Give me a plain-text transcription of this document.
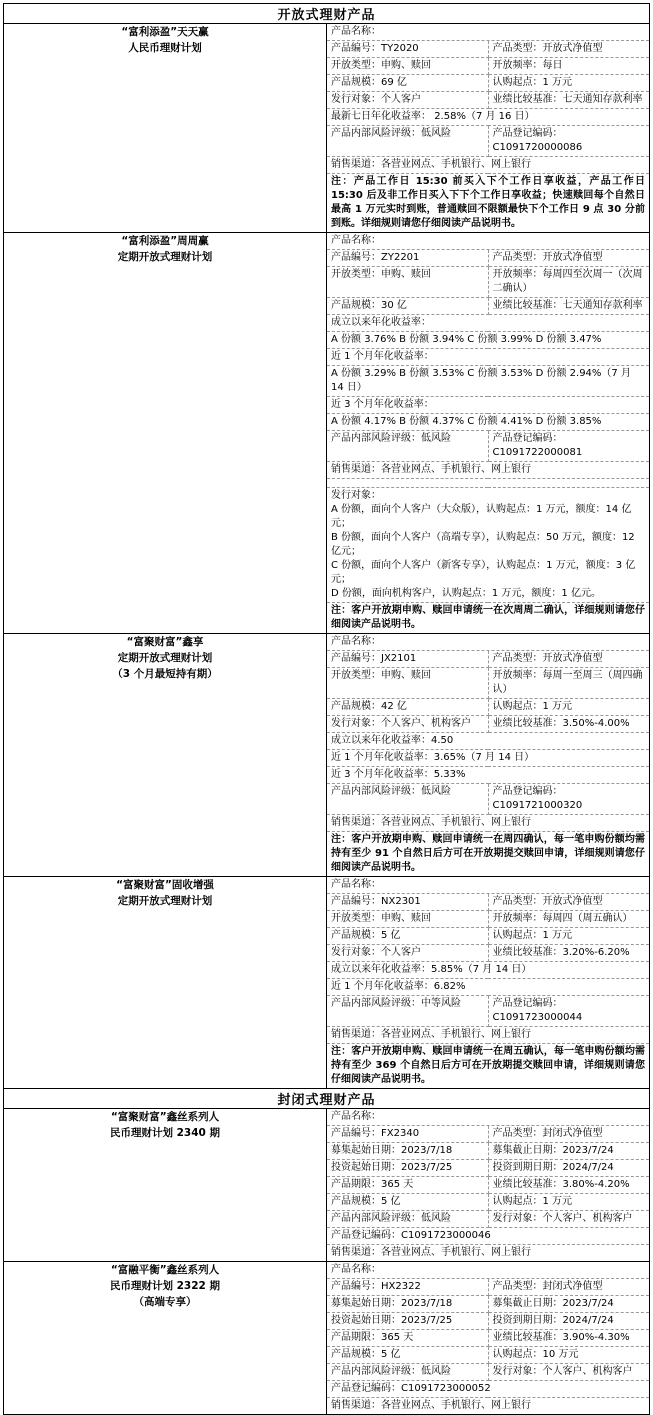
开放式理财产品

“富利添盈”天天赢
人民币理财计划

产品名称：
产品编号：TY2020	产品类型：开放式净值型
开放类型：申购、赎回	开放频率：每日
产品规模：69 亿	认购起点：1 万元
发行对象：个人客户	业绩比较基准：七天通知存款利率
最新七日年化收益率： 2.58%（7 月 16 日）
产品内部风险评级：低风险	产品登记编码：C1091720000086
销售渠道：各营业网点、手机银行、网上银行
注：产品工作日 15:30 前买入下个工作日享收益，产品工作日 15:30 后及非工作日买入下下个工作日享收益；快速赎回每个自然日最高 1 万元实时到账，普通赎回不限额最快下个工作日 9 点 30 分前到账。详细规则请您仔细阅读产品说明书。

“富利添盈”周周赢
定期开放式理财计划

产品名称：
产品编号：ZY2201	产品类型：开放式净值型
开放类型：申购、赎回	开放频率：每周四至次周一（次周二确认）
产品规模：30 亿	业绩比较基准：七天通知存款利率
成立以来年化收益率：
A 份额 3.76% B 份额 3.94% C 份额 3.99% D 份额 3.47%
近 1 个月年化收益率：
A 份额 3.29% B 份额 3.53% C 份额 3.53% D 份额 2.94%（7 月 14 日）
近 3 个月年化收益率：
A 份额 4.17% B 份额 4.37% C 份额 4.41% D 份额 3.85%
产品内部风险评级：低风险	产品登记编码：C1091722000081
销售渠道：各营业网点、手机银行、网上银行

发行对象：
A 份额，面向个人客户（大众版），认购起点：1 万元，额度：14 亿元；
B 份额，面向个人客户（高端专享），认购起点：50 万元，额度：12 亿元；
C 份额，面向个人客户（新客专享），认购起点：1 万元，额度：3 亿元；
D 份额，面向机构客户，认购起点：1 万元，额度：1 亿元。

注：客户开放期申购、赎回申请统一在次周周二确认，详细规则请您仔细阅读产品说明书。

“富聚财富”鑫享
定期开放式理财计划
（3 个月最短持有期）

产品名称：
产品编号：JX2101	产品类型：开放式净值型
开放类型：申购、赎回	开放频率：每周一至周三（周四确认）
产品规模：42 亿	认购起点：1 万元
发行对象：个人客户、机构客户	业绩比较基准：3.50%-4.00%
成立以来年化收益率：4.50
近 1 个月年化收益率：3.65%（7 月 14 日）
近 3 个月年化收益率：5.33%
产品内部风险评级：低风险	产品登记编码：C1091721000320
销售渠道：各营业网点、手机银行、网上银行
注：客户开放期申购、赎回申请统一在周四确认，每一笔申购份额均需持有至少 91 个自然日后方可在开放期提交赎回申请，详细规则请您仔细阅读产品说明书。

“富聚财富”固收增强
定期开放式理财计划

产品名称：
产品编号：NX2301	产品类型：开放式净值型
开放类型：申购、赎回	开放频率：每周四（周五确认）
产品规模：5 亿	认购起点：1 万元
发行对象：个人客户	业绩比较基准：3.20%-6.20%
成立以来年化收益率：5.85%（7 月 14 日）
近 1 个月年化收益率：6.82%
产品内部风险评级：中等风险	产品登记编码：C1091723000044
销售渠道：各营业网点、手机银行、网上银行
注：客户开放期申购、赎回申请统一在周五确认，每一笔申购份额均需持有至少 369 个自然日后方可在开放期提交赎回申请，详细规则请您仔细阅读产品说明书。

封闭式理财产品

“富聚财富”鑫丝系列人
民币理财计划 2340 期

产品名称：
产品编号：FX2340	产品类型：封闭式净值型
募集起始日期：2023/7/18	募集截止日期：2023/7/24
投资起始日期：2023/7/25	投资到期日期：2024/7/24
产品期限：365 天	业绩比较基准：3.80%-4.20%
产品规模：5 亿	认购起点：1 万元
产品内部风险评级：低风险	发行对象：个人客户、机构客户
产品登记编码：C1091723000046
销售渠道：各营业网点、手机银行、网上银行

“富融平衡”鑫丝系列人
民币理财计划 2322 期
（高端专享）

产品名称：
产品编号：HX2322	产品类型：封闭式净值型
募集起始日期：2023/7/18	募集截止日期：2023/7/24
投资起始日期：2023/7/25	投资到期日期：2024/7/24
产品期限：365 天	业绩比较基准：3.90%-4.30%
产品规模：5 亿	认购起点：10 万元
产品内部风险评级：低风险	发行对象：个人客户、机构客户
产品登记编码：C1091723000052
销售渠道：各营业网点、手机银行、网上银行
